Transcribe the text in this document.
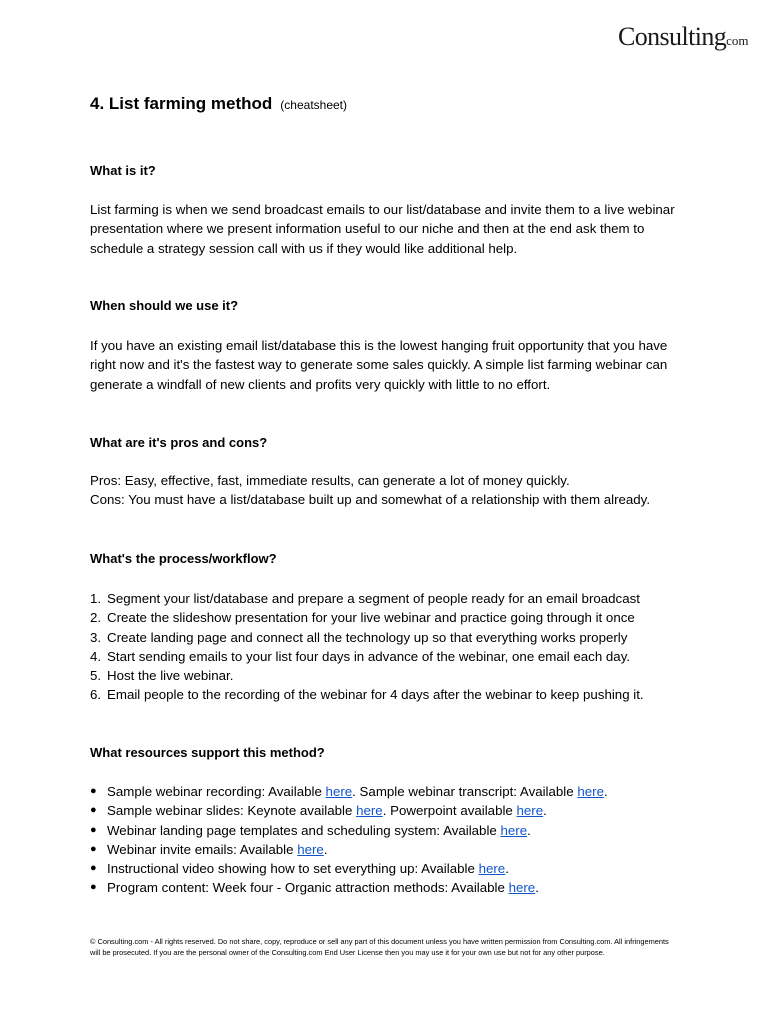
Consultingcom
4. List farming method (cheatsheet)
What is it?

List farming is when we send broadcast emails to our list/database and invite them to a live webinar presentation where we present information useful to our niche and then at the end ask them to schedule a strategy session call with us if they would like additional help.

When should we use it?

If you have an existing email list/database this is the lowest hanging fruit opportunity that you have right now and it's the fastest way to generate some sales quickly. A simple list farming webinar can generate a windfall of new clients and profits very quickly with little to no effort.

What are it's pros and cons?
Pros: Easy, effective, fast, immediate results, can generate a lot of money quickly.
Cons: You must have a list/database built up and somewhat of a relationship with them already.
What's the process/workflow?
1. Segment your list/database and prepare a segment of people ready for an email broadcast
2. Create the slideshow presentation for your live webinar and practice going through it once
3. Create landing page and connect all the technology up so that everything works properly
4. Start sending emails to your list four days in advance of the webinar, one email each day.
5. Host the live webinar.
6. Email people to the recording of the webinar for 4 days after the webinar to keep pushing it.
What resources support this method?
● Sample webinar recording: Available here. Sample webinar transcript: Available here.
● Sample webinar slides: Keynote available here. Powerpoint available here.
● Webinar landing page templates and scheduling system: Available here.
● Webinar invite emails: Available here.
● Instructional video showing how to set everything up: Available here.
● Program content: Week four - Organic attraction methods: Available here.
© Consulting.com - All rights reserved. Do not share, copy, reproduce or sell any part of this document unless you have written permission from Consulting.com. All infringements will be prosecuted. If you are the personal owner of the Consulting.com End User License then you may use it for your own use but not for any other purpose.
